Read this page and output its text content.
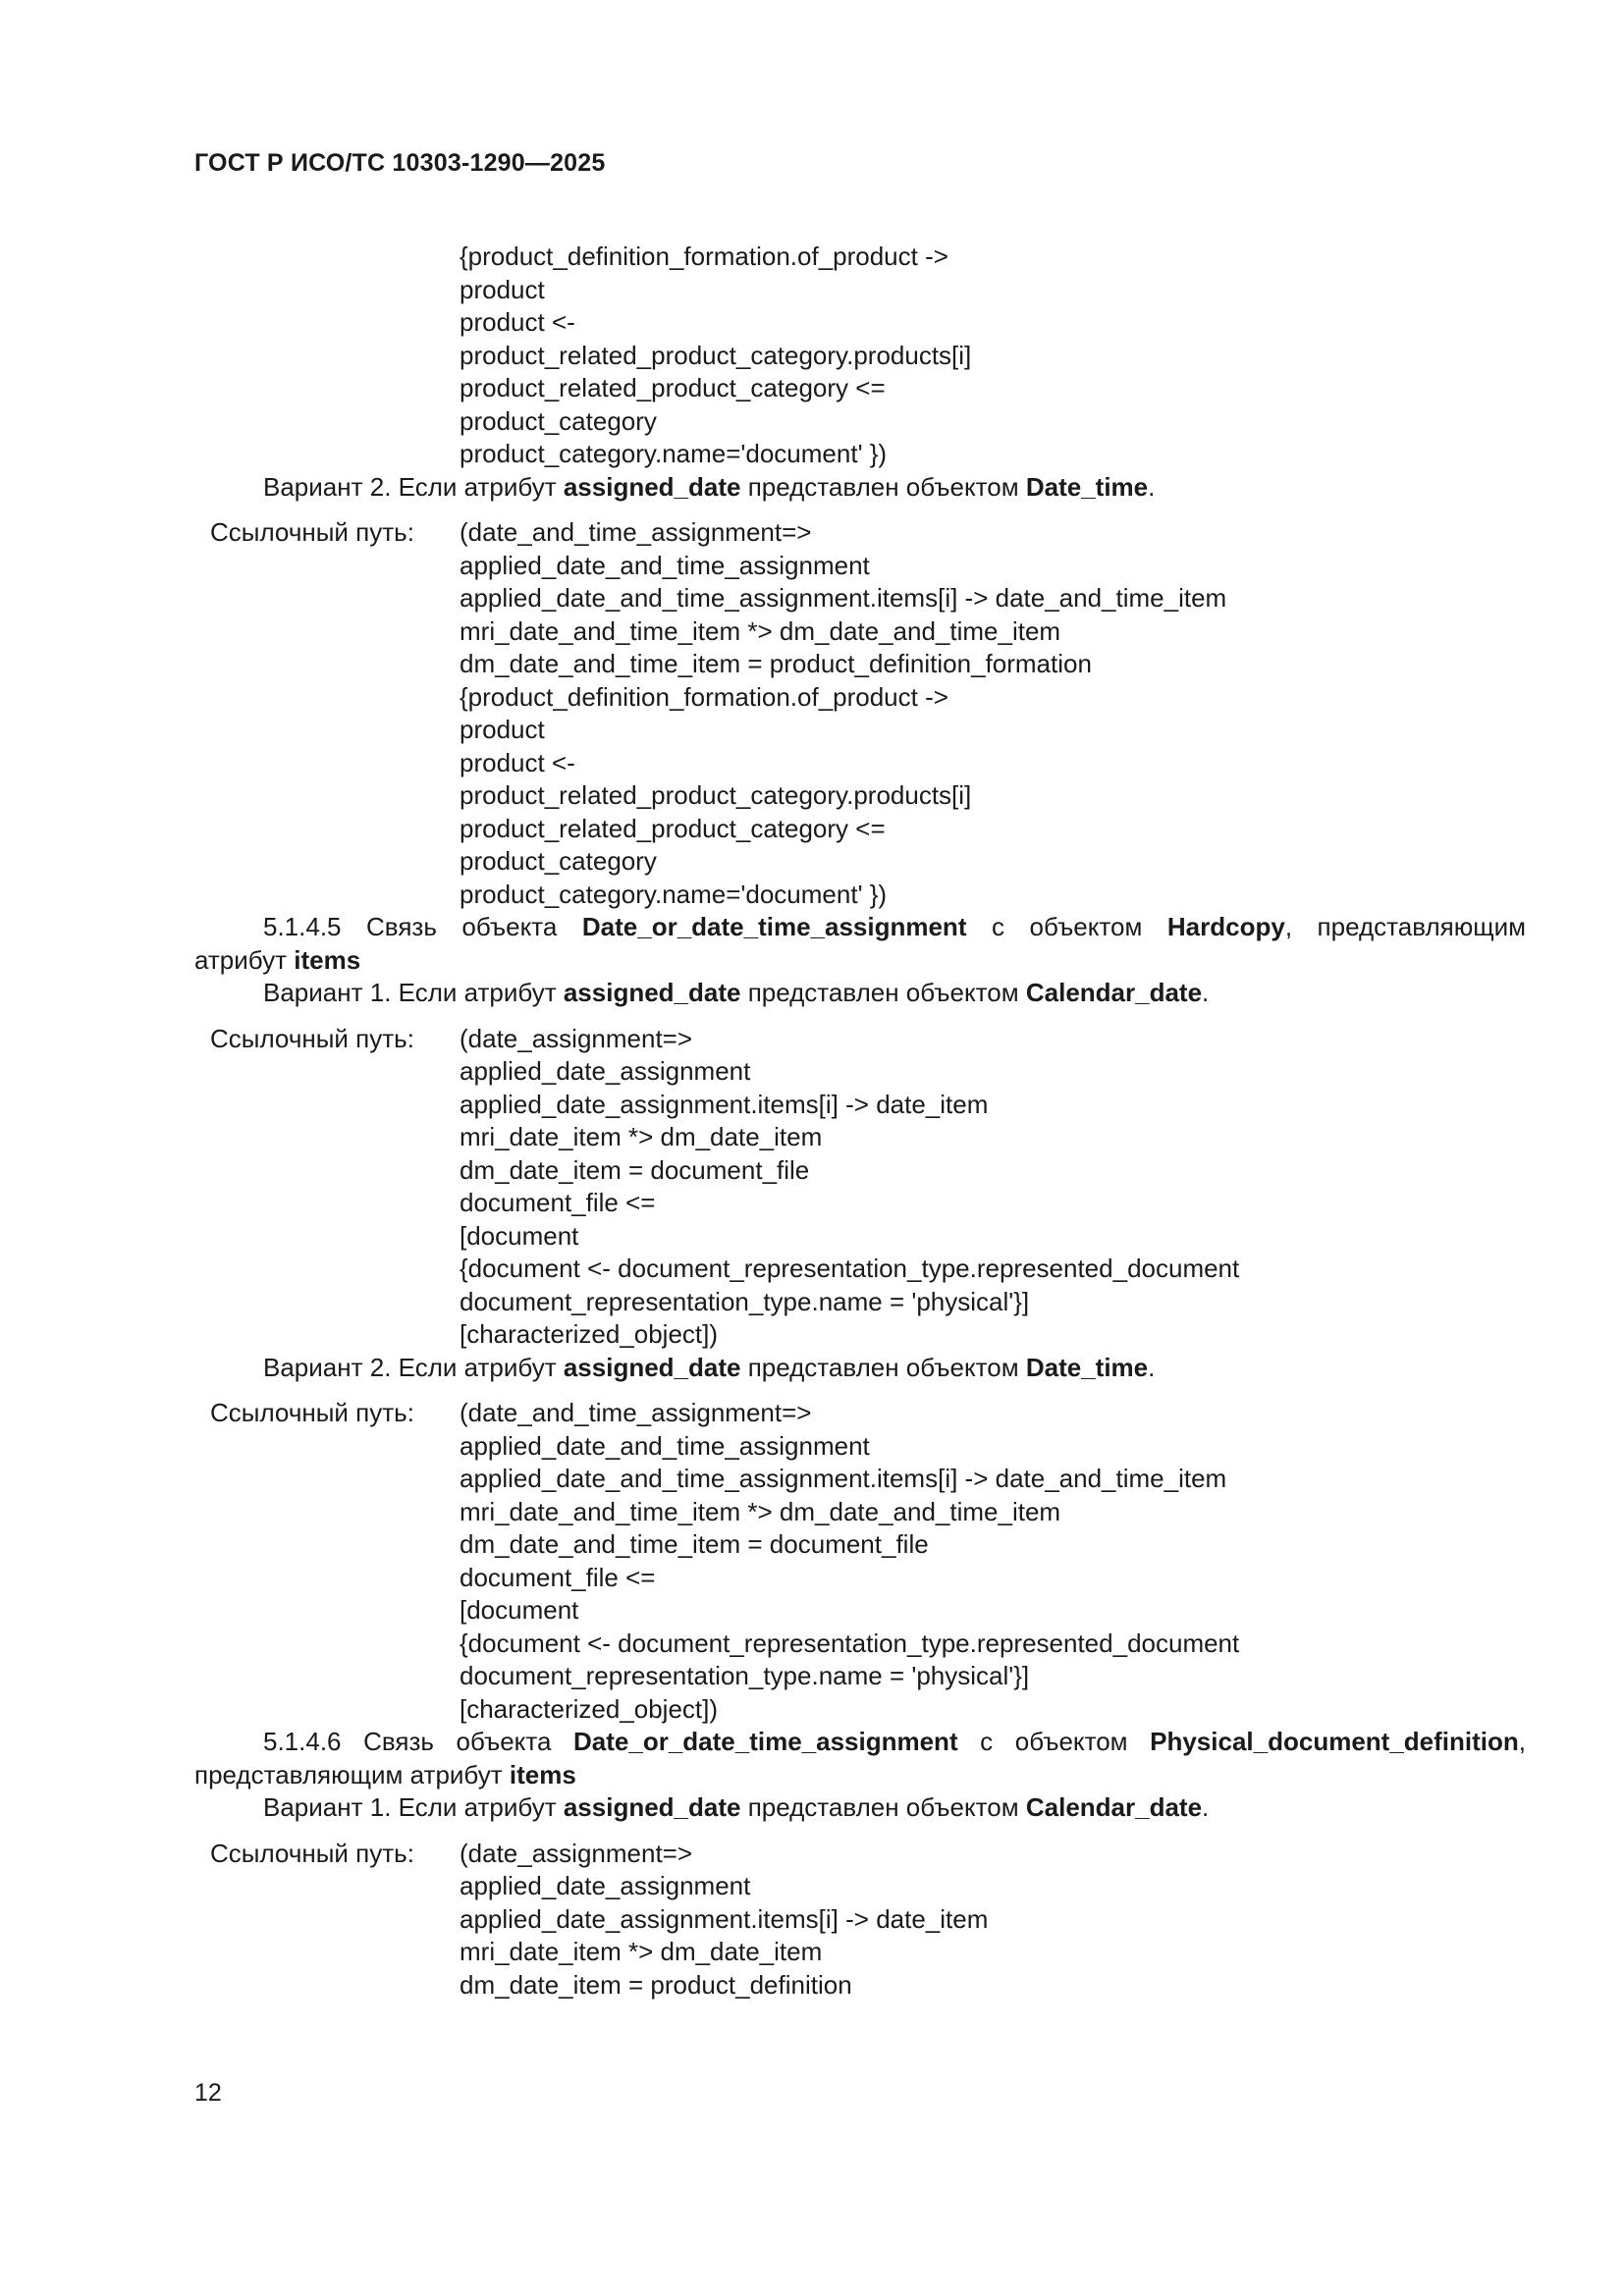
ГОСТ Р ИСО/ТС 10303-1290—2025
{product_definition_formation.of_product ->
product
product <-
product_related_product_category.products[i]
product_related_product_category <=
product_category
product_category.name='document' })
Вариант 2. Если атрибут assigned_date представлен объектом Date_time.
Ссылочный путь: (date_and_time_assignment=>
applied_date_and_time_assignment
applied_date_and_time_assignment.items[i] -> date_and_time_item
mri_date_and_time_item *> dm_date_and_time_item
dm_date_and_time_item = product_definition_formation
{product_definition_formation.of_product ->
product
product <-
product_related_product_category.products[i]
product_related_product_category <=
product_category
product_category.name='document' })
5.1.4.5 Связь объекта Date_or_date_time_assignment с объектом Hardcopy, представляющим
атрибут items
Вариант 1. Если атрибут assigned_date представлен объектом Calendar_date.
Ссылочный путь: (date_assignment=>
applied_date_assignment
applied_date_assignment.items[i] -> date_item
mri_date_item *> dm_date_item
dm_date_item = document_file
document_file <=
[document
{document <- document_representation_type.represented_document
document_representation_type.name = 'physical'}]
[characterized_object])
Вариант 2. Если атрибут assigned_date представлен объектом Date_time.
Ссылочный путь: (date_and_time_assignment=>
applied_date_and_time_assignment
applied_date_and_time_assignment.items[i] -> date_and_time_item
mri_date_and_time_item *> dm_date_and_time_item
dm_date_and_time_item = document_file
document_file <=
[document
{document <- document_representation_type.represented_document
document_representation_type.name = 'physical'}]
[characterized_object])
5.1.4.6 Связь объекта Date_or_date_time_assignment с объектом Physical_document_definition,
представляющим атрибут items
Вариант 1. Если атрибут assigned_date представлен объектом Calendar_date.
Ссылочный путь: (date_assignment=>
applied_date_assignment
applied_date_assignment.items[i] -> date_item
mri_date_item *> dm_date_item
dm_date_item = product_definition
12
